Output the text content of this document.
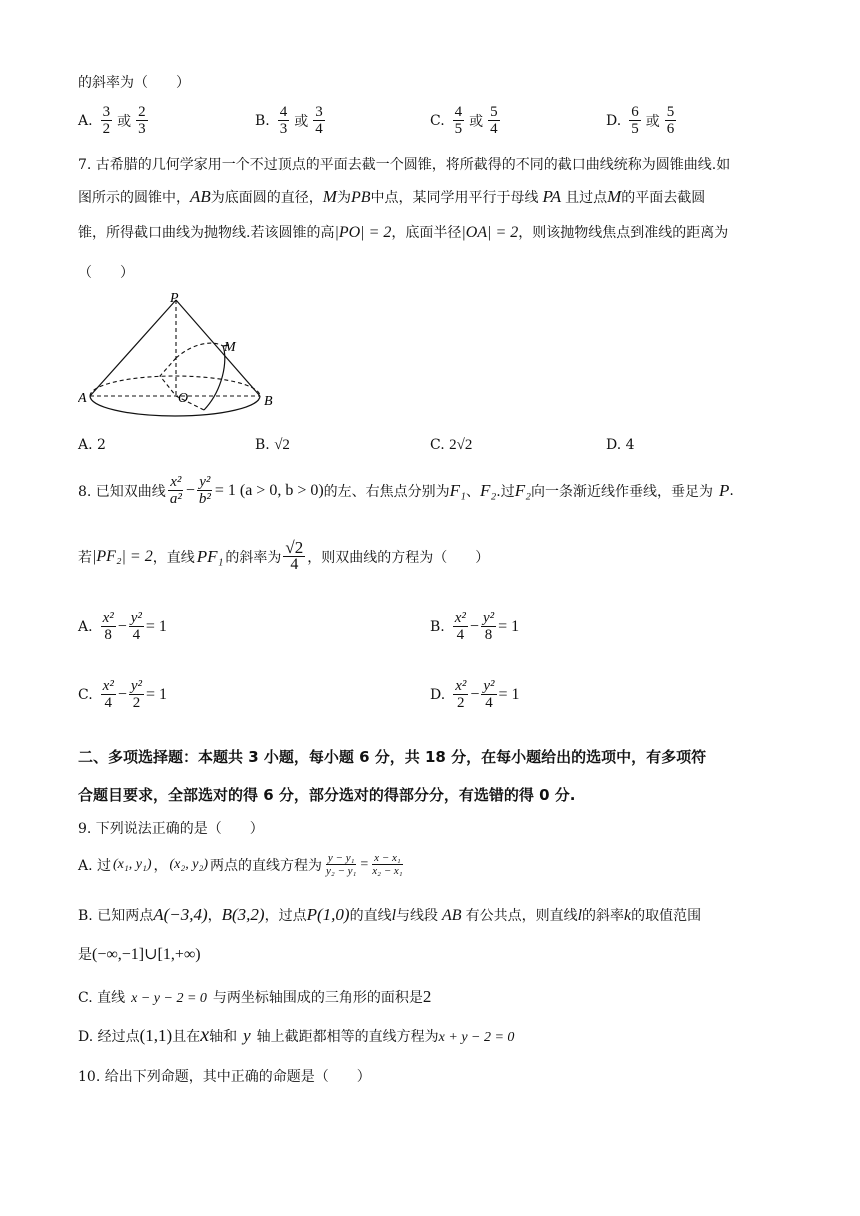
的斜率为（　　）
A. $\frac{3}{2}$ 或 $\frac{2}{3}$	B. $\frac{4}{3}$ 或 $\frac{3}{4}$	C. $\frac{4}{5}$ 或 $\frac{5}{4}$	D. $\frac{6}{5}$ 或 $\frac{5}{6}$
7. 古希腊的几何学家用一个不过顶点的平面去截一个圆锥，将所截得的不同的截口曲线统称为圆锥曲线.如
图所示的圆锥中，AB为底面圆的直径，M为PB中点，某同学用平行于母线 PA 且过点M的平面去截圆
锥，所得截口曲线为抛物线.若该圆锥的高|PO| = 2，底面半径|OA| = 2，则该抛物线焦点到准线的距离为
（　　）
P
M
A	O	B
A. 2	B. √2	C. 2√2	D. 4
8. 已知双曲线 $\frac{\text{x²}}{\text{a²}} - \frac{\text{y²}}{\text{b²}} = 1$ (a > 0, b > 0) 的左、右焦点分别为 F₁ 、 F₂ .过 F₂ 向一条渐近线作垂线，垂足为 P .
若 |PF₂| = 2 ，直线 PF₁ 的斜率为 $\frac{√2}{4}$ ，则双曲线的方程为（　　）
A. $\frac{\text{x²}}{8} - \frac{\text{y²}}{4} = 1$	B. $\frac{\text{x²}}{4} - \frac{\text{y²}}{8} = 1$
C. $\frac{\text{x²}}{4} - \frac{\text{y²}}{2} = 1$	D. $\frac{\text{x²}}{2} - \frac{\text{y²}}{4} = 1$
二、多项选择题：本题共 3 小题，每小题 6 分，共 18 分，在每小题给出的选项中，有多项符
合题目要求，全部选对的得 6 分，部分选对的得部分分，有选错的得 0 分.
9. 下列说法正确的是（　　）
A. 过 (x₁, y₁) ， (x₂, y₂) 两点的直线方程为 $\frac{\text{y − y₁}}{\text{y₂ − y₁}} = \frac{\text{x − x₁}}{\text{x₂ − x₁}}$
B. 已知两点A(−3,4)，B(3,2)，过点P(1,0)的直线l与线段 AB 有公共点，则直线l的斜率k的取值范围
是(−∞,−1]∪[1,+∞)
C. 直线 x − y − 2 = 0 与两坐标轴围成的三角形的面积是2
D. 经过点(1,1)且在x轴和 y 轴上截距都相等的直线方程为x + y − 2 = 0
10. 给出下列命题，其中正确的命题是（　　）
